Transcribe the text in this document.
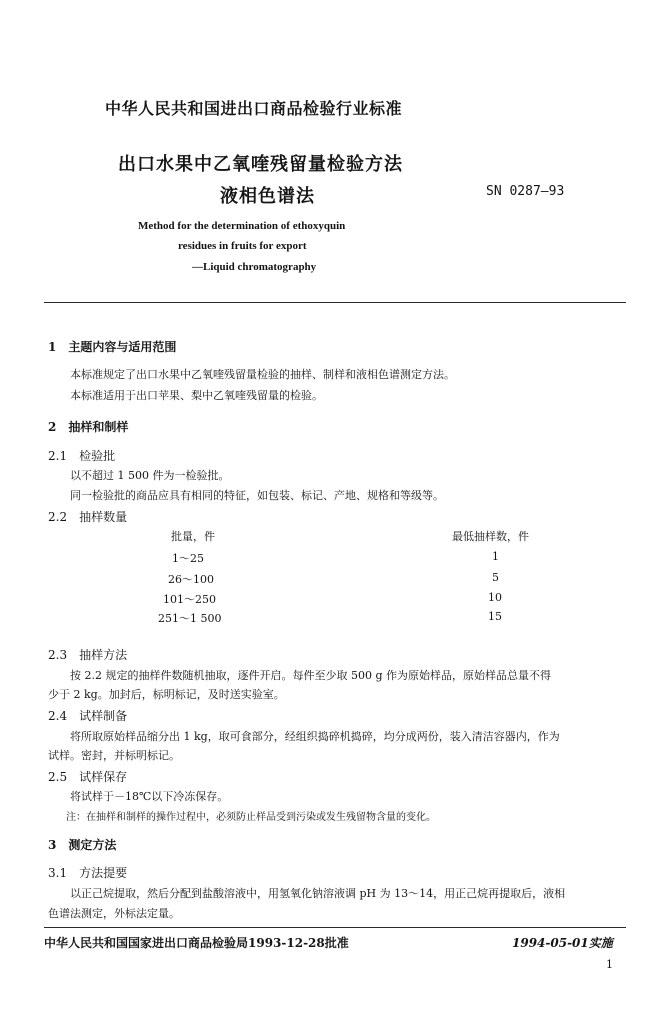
中华人民共和国进出口商品检验行业标准
出口水果中乙氧喹残留量检验方法
液相色谱法	SN 0287—93
Method for the determination of ethoxyquin
residues in fruits for export
—Liquid chromatography
1　主题内容与适用范围
本标准规定了出口水果中乙氧喹残留量检验的抽样、制样和液相色谱测定方法。
本标准适用于出口苹果、梨中乙氧喹残留量的检验。
2　抽样和制样
2.1　检验批
以不超过 1 500 件为一检验批。
同一检验批的商品应具有相同的特征，如包装、标记、产地、规格和等级等。
2.2　抽样数量
批量，件	最低抽样数，件
1～25	1
26～100	5
101～250	10
251～1 500	15
2.3　抽样方法
按 2.2 规定的抽样件数随机抽取，逐件开启。每件至少取 500 g 作为原始样品，原始样品总量不得
少于 2 kg。加封后，标明标记，及时送实验室。
2.4　试样制备
将所取原始样品缩分出 1 kg，取可食部分，经组织捣碎机捣碎，均分成两份，装入清洁容器内，作为
试样。密封，并标明标记。
2.5　试样保存
将试样于－18℃以下冷冻保存。
注：在抽样和制样的操作过程中，必须防止样品受到污染或发生残留物含量的变化。
3　测定方法
3.1　方法提要
以正己烷提取，然后分配到盐酸溶液中，用氢氧化钠溶液调 pH 为 13～14，用正己烷再提取后，液相
色谱法测定，外标法定量。
中华人民共和国国家进出口商品检验局1993-12-28批准	1994-05-01实施
1
